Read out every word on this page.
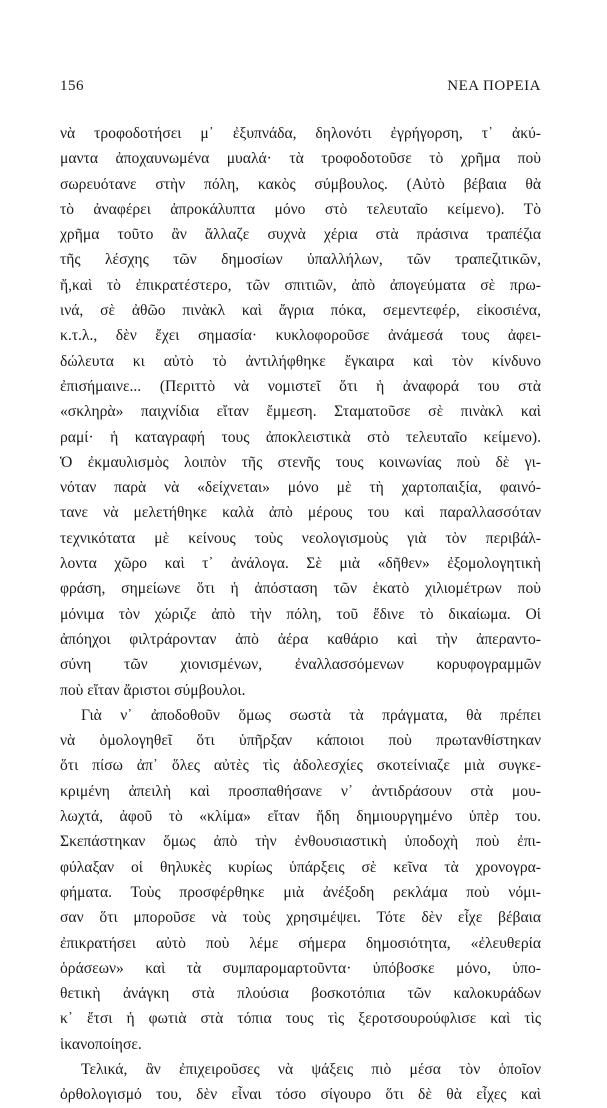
156	ΝΕΑ ΠΟΡΕΙΑ
νὰ τροφοδοτήσει μ᾽ ἐξυπνάδα, δηλονότι ἐγρήγορση, τ᾽ ἀκύ-
μαντα ἀποχαυνωμένα μυαλά· τὰ τροφοδοτοῦσε τὸ χρῆμα ποὺ
σωρευότανε στὴν πόλη, κακὸς σύμβουλος. (Αὐτὸ βέβαια θὰ
τὸ ἀναφέρει ἀπροκάλυπτα μόνο στὸ τελευταῖο κείμενο). Τὸ
χρῆμα τοῦτο ἂν ἄλλαζε συχνὰ χέρια στὰ πράσινα τραπέζια
τῆς λέσχης τῶν δημοσίων ὑπαλλήλων, τῶν τραπεζιτικῶν,
ἤ,καὶ τὸ ἐπικρατέστερο, τῶν σπιτιῶν, ἀπὸ ἀπογεύματα σὲ πρω-
ινά, σὲ ἀθῶο πινὰκλ καὶ ἄγρια πόκα, σεμεντεφέρ, εἰκοσιένα,
κ.τ.λ., δὲν ἔχει σημασία· κυκλοφοροῦσε ἀνάμεσά τους ἀφει-
δώλευτα κι αὐτὸ τὸ ἀντιλήφθηκε ἔγκαιρα καὶ τὸν κίνδυνο
ἐπισήμαινε... (Περιττὸ νὰ νομιστεῖ ὅτι ἡ ἀναφορά του στὰ
«σκληρὰ» παιχνίδια εἴταν ἔμμεση. Σταματοῦσε σὲ πινὰκλ καὶ
ραμί· ἡ καταγραφή τους ἀποκλειστικὰ στὸ τελευταῖο κείμενο).
Ὁ ἐκμαυλισμὸς λοιπὸν τῆς στενῆς τους κοινωνίας ποὺ δὲ γι-
νόταν παρὰ νὰ «δείχνεται» μόνο μὲ τὴ χαρτοπαιξία, φαινό-
τανε νὰ μελετήθηκε καλὰ ἀπὸ μέρους του καὶ παραλλασσόταν
τεχνικότατα μὲ κείνους τοὺς νεολογισμοὺς γιὰ τὸν περιβάλ-
λοντα χῶρο καὶ τ᾽ ἀνάλογα. Σὲ μιὰ «δῆθεν» ἐξομολογητικὴ
φράση, σημείωνε ὅτι ἡ ἀπόσταση τῶν ἑκατὸ χιλιομέτρων ποὺ
μόνιμα τὸν χώριζε ἀπὸ τὴν πόλη, τοῦ ἔδινε τὸ δικαίωμα. Οἱ
ἀπόηχοι φιλτράρονταν ἀπὸ ἀέρα καθάριο καὶ τὴν ἀπεραντο-
σύνη τῶν χιονισμένων, ἐναλλασσόμενων κορυφογραμμῶν
ποὺ εἴταν ἄριστοι σύμβουλοι.
Γιὰ ν᾽ ἀποδοθοῦν ὅμως σωστὰ τὰ πράγματα, θὰ πρέπει
νὰ ὁμολογηθεῖ ὅτι ὑπῆρξαν κάποιοι ποὺ πρωτανθίστηκαν
ὅτι πίσω ἀπ᾽ ὅλες αὐτὲς τὶς ἀδολεσχίες σκοτείνιαζε μιὰ συγκε-
κριμένη ἀπειλὴ καὶ προσπαθήσανε ν᾽ ἀντιδράσουν στὰ μου-
λωχτά, ἀφοῦ τὸ «κλίμα» εἴταν ἤδη δημιουργημένο ὑπὲρ του.
Σκεπάστηκαν ὅμως ἀπὸ τὴν ἐνθουσιαστικὴ ὑποδοχὴ ποὺ ἐπι-
φύλαξαν οἱ θηλυκὲς κυρίως ὑπάρξεις σὲ κεῖνα τὰ χρονογρα-
φήματα. Τοὺς προσφέρθηκε μιὰ ἀνέξοδη ρεκλάμα ποὺ νόμι-
σαν ὅτι μποροῦσε νὰ τοὺς χρησιμέψει. Τότε δὲν εἶχε βέβαια
ἐπικρατήσει αὐτὸ ποὺ λέμε σήμερα δημοσιότητα, «ἐλευθερία
ὁράσεων» καὶ τὰ συμπαρομαρτοῦντα· ὑπόβοσκε μόνο, ὑπο-
θετικὴ ἀνάγκη στὰ πλούσια βοσκοτόπια τῶν καλοκυράδων
κ᾽ ἔτσι ἡ φωτιὰ στὰ τόπια τους τὶς ξεροτσουρούφλισε καὶ τὶς
ἱκανοποίησε.
Τελικά, ἂν ἐπιχειροῦσες νὰ ψάξεις πιὸ μέσα τὸν ὁποῖον
ὀρθολογισμό του, δὲν εἶναι τόσο σίγουρο ὅτι δὲ θὰ εἶχες καὶ
